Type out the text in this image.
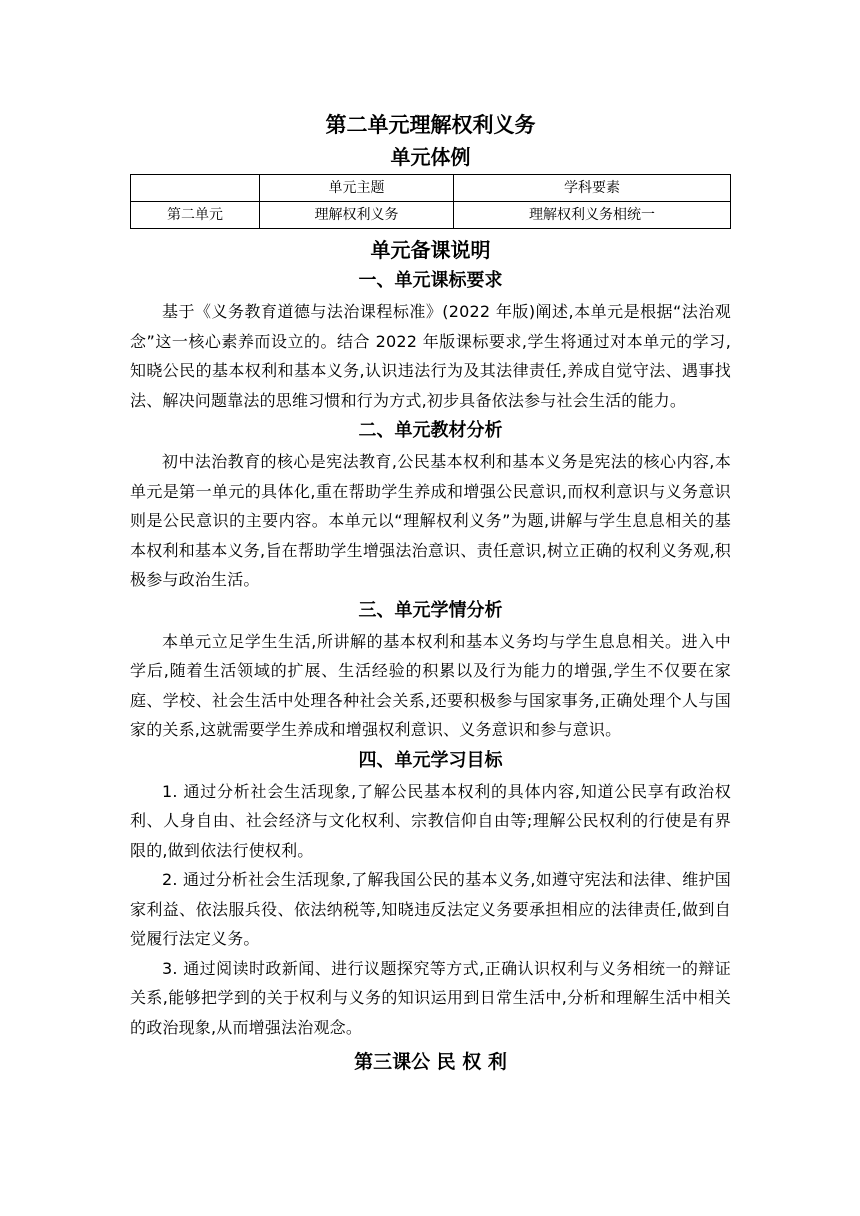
第二单元理解权利义务
单元体例
	单元主题	学科要素
第二单元	理解权利义务	理解权利义务相统一
单元备课说明
一、单元课标要求

基于《义务教育道德与法治课程标准》(2022 年版)阐述,本单元是根据“法治观念”这一核心素养而设立的。结合 2022 年版课标要求,学生将通过对本单元的学习,知晓公民的基本权利和基本义务,认识违法行为及其法律责任,养成自觉守法、遇事找法、解决问题靠法的思维习惯和行为方式,初步具备依法参与社会生活的能力。

二、单元教材分析

初中法治教育的核心是宪法教育,公民基本权利和基本义务是宪法的核心内容,本单元是第一单元的具体化,重在帮助学生养成和增强公民意识,而权利意识与义务意识则是公民意识的主要内容。本单元以“理解权利义务”为题,讲解与学生息息相关的基本权利和基本义务,旨在帮助学生增强法治意识、责任意识,树立正确的权利义务观,积极参与政治生活。

三、单元学情分析

本单元立足学生生活,所讲解的基本权利和基本义务均与学生息息相关。进入中学后,随着生活领域的扩展、生活经验的积累以及行为能力的增强,学生不仅要在家庭、学校、社会生活中处理各种社会关系,还要积极参与国家事务,正确处理个人与国家的关系,这就需要学生养成和增强权利意识、义务意识和参与意识。

四、单元学习目标

1. 通过分析社会生活现象,了解公民基本权利的具体内容,知道公民享有政治权利、人身自由、社会经济与文化权利、宗教信仰自由等;理解公民权利的行使是有界限的,做到依法行使权利。

2. 通过分析社会生活现象,了解我国公民的基本义务,如遵守宪法和法律、维护国家利益、依法服兵役、依法纳税等,知晓违反法定义务要承担相应的法律责任,做到自觉履行法定义务。

3. 通过阅读时政新闻、进行议题探究等方式,正确认识权利与义务相统一的辩证关系,能够把学到的关于权利与义务的知识运用到日常生活中,分析和理解生活中相关的政治现象,从而增强法治观念。

第三课公 民 权 利
